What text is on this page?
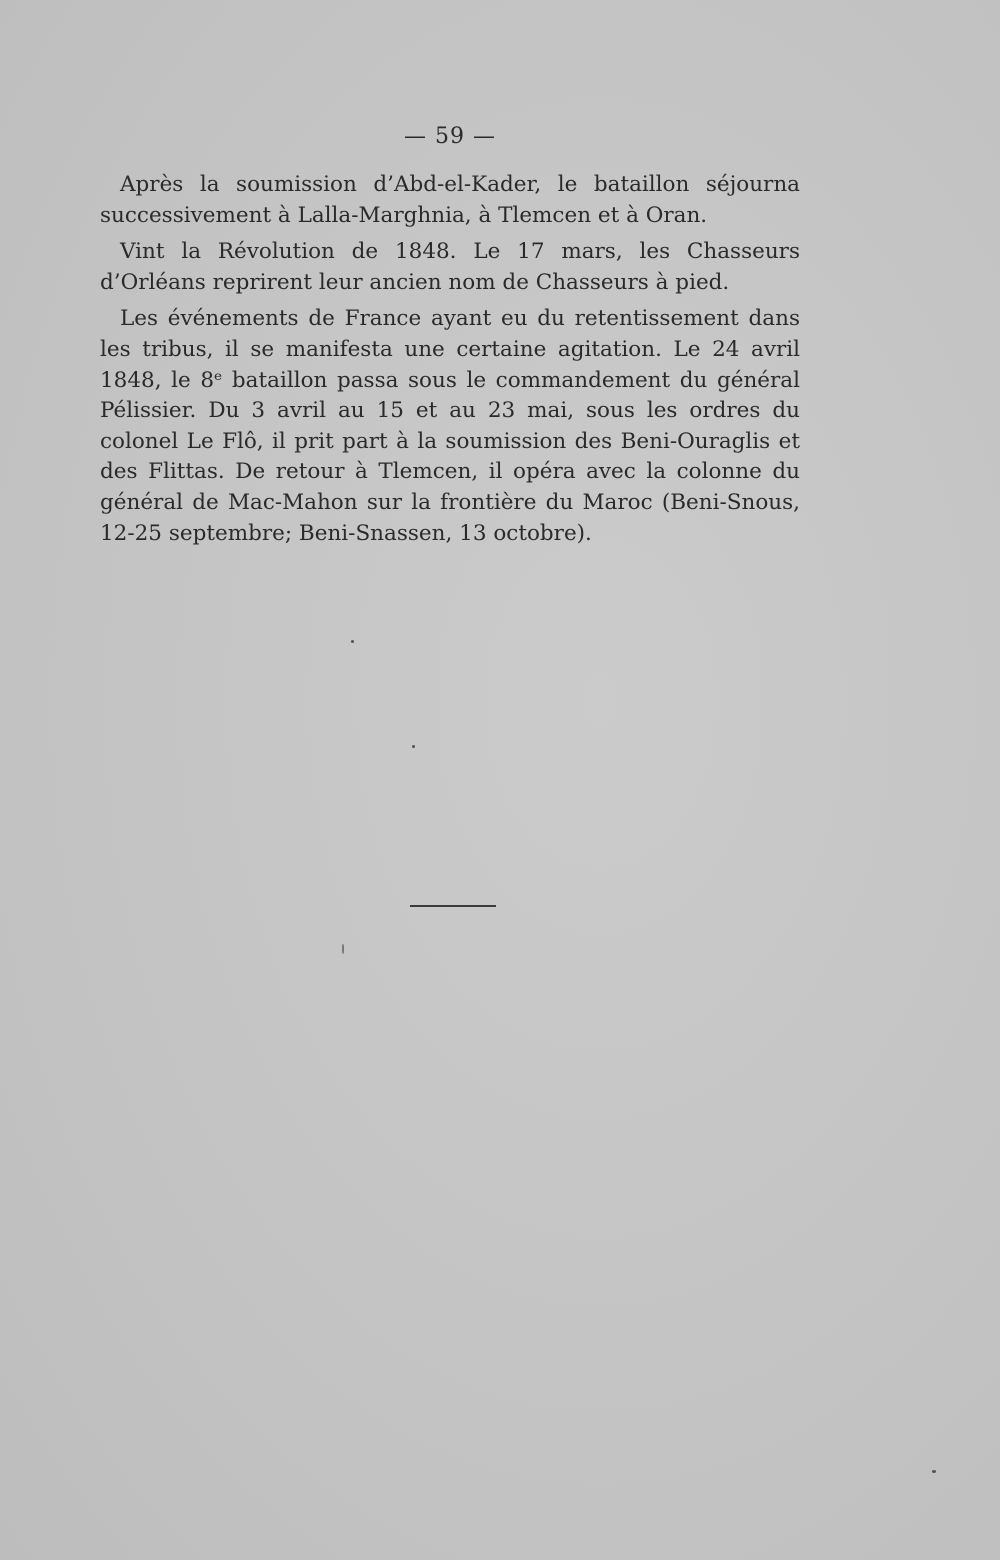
— 59 —

Après la soumission d’Abd-el-Kader, le bataillon séjourna successivement à Lalla-Marghnia, à Tlemcen et à Oran.

Vint la Révolution de 1848. Le 17 mars, les Chasseurs d’Orléans reprirent leur ancien nom de Chasseurs à pied.

Les événements de France ayant eu du retentissement dans les tribus, il se manifesta une certaine agitation. Le 24 avril 1848, le 8ᵉ bataillon passa sous le commandement du général Pélissier. Du 3 avril au 15 et au 23 mai, sous les ordres du colonel Le Flô, il prit part à la soumission des Beni-Ouraglis et des Flittas. De retour à Tlemcen, il opéra avec la colonne du général de Mac-Mahon sur la frontière du Maroc (Beni-Snous, 12-25 septembre; Beni-Snassen, 13 octobre).
